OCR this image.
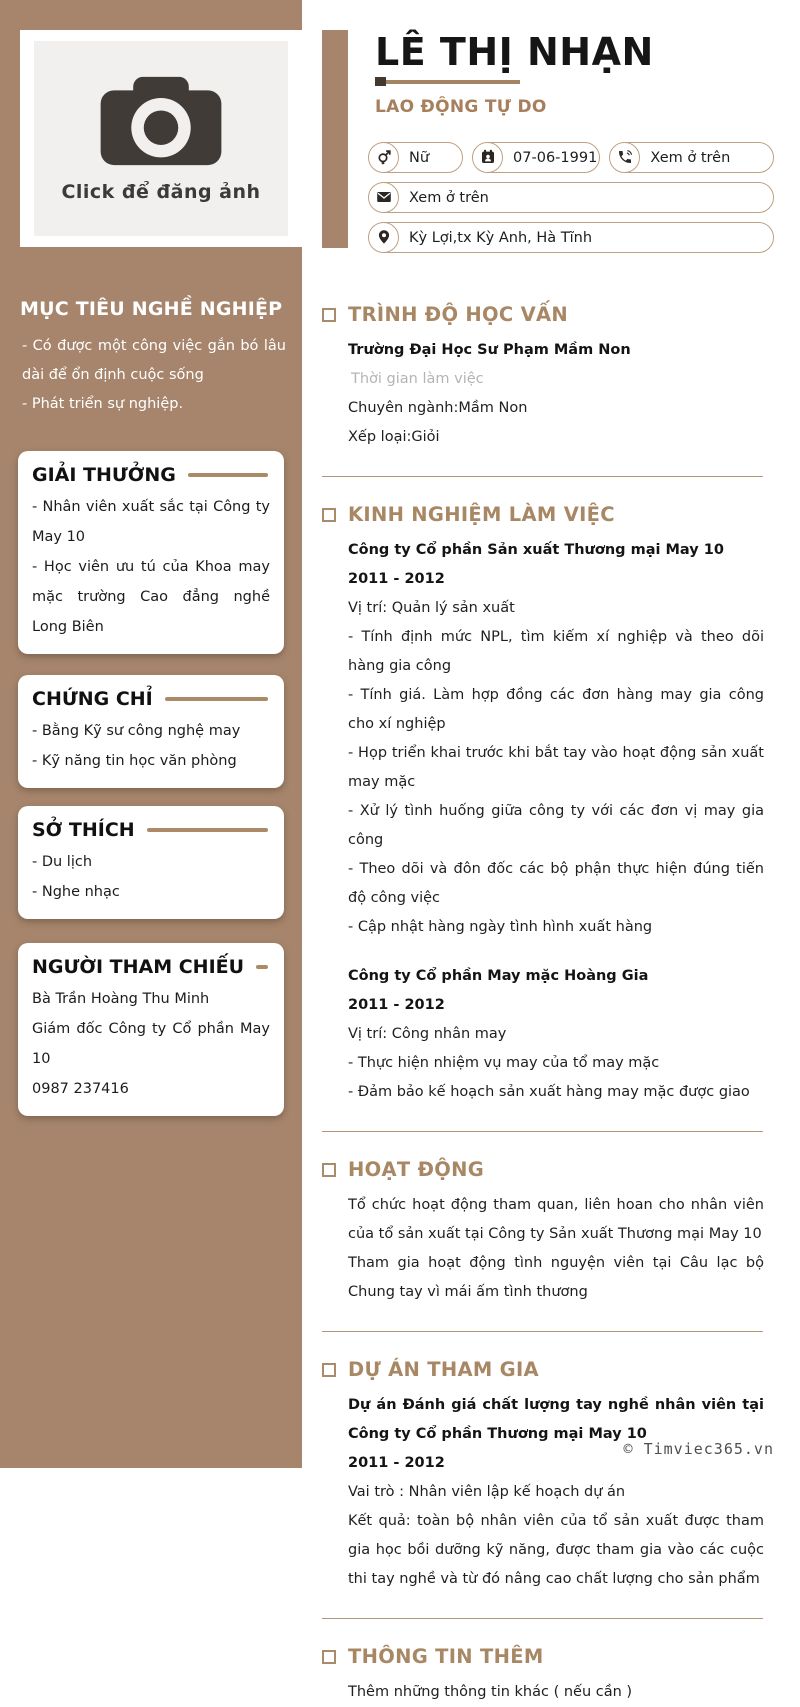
MỤC TIÊU NGHỀ NGHIỆP
- Có được một công việc gắn bó lâu dài để ổn định cuộc sống
- Phát triển sự nghiệp.
GIẢI THƯỞNG
- Nhân viên xuất sắc tại Công ty May 10
- Học viên ưu tú của Khoa may mặc trường Cao đẳng nghề Long Biên
CHỨNG CHỈ
- Bằng Kỹ sư công nghệ may
- Kỹ năng tin học văn phòng
SỞ THÍCH
- Du lịch
- Nghe nhạc
NGƯỜI THAM CHIẾU
Bà Trần Hoàng Thu Minh
Giám đốc Công ty Cổ phần May 10
0987 237416
Click để đăng ảnh
LÊ THỊ NHẠN
LAO ĐỘNG TỰ DO
Nữ	07-06-1991	Xem ở trên
Xem ở trên
Kỳ Lợi,tx Kỳ Anh, Hà Tĩnh
TRÌNH ĐỘ HỌC VẤN
Trường Đại Học Sư Phạm Mầm Non
Thời gian làm việc
Chuyên ngành:Mầm Non
Xếp loại:Giỏi
KINH NGHIỆM LÀM VIỆC
Công ty Cổ phần Sản xuất Thương mại May 10
2011 - 2012
Vị trí: Quản lý sản xuất
- Tính định mức NPL, tìm kiếm xí nghiệp và theo dõi hàng gia công
- Tính giá. Làm hợp đồng các đơn hàng may gia công cho xí nghiệp
- Họp triển khai trước khi bắt tay vào hoạt động sản xuất may mặc
- Xử lý tình huống giữa công ty với các đơn vị may gia công
- Theo dõi và đôn đốc các bộ phận thực hiện đúng tiến độ công việc
- Cập nhật hàng ngày tình hình xuất hàng
Công ty Cổ phần May mặc Hoàng Gia
2011 - 2012
Vị trí: Công nhân may
- Thực hiện nhiệm vụ may của tổ may mặc
- Đảm bảo kế hoạch sản xuất hàng may mặc được giao
HOẠT ĐỘNG
Tổ chức hoạt động tham quan, liên hoan cho nhân viên của tổ sản xuất tại Công ty Sản xuất Thương mại May 10
Tham gia hoạt động tình nguyện viên tại Câu lạc bộ Chung tay vì mái ấm tình thương
DỰ ÁN THAM GIA
Dự án Đánh giá chất lượng tay nghề nhân viên tại Công ty Cổ phần Thương mại May 10
2011 - 2012
Vai trò : Nhân viên lập kế hoạch dự án
Kết quả: toàn bộ nhân viên của tổ sản xuất được tham gia học bồi dưỡng kỹ năng, được tham gia vào các cuộc thi tay nghề và từ đó nâng cao chất lượng cho sản phẩm
THÔNG TIN THÊM
Thêm những thông tin khác ( nếu cần )
© Timviec365.vn
